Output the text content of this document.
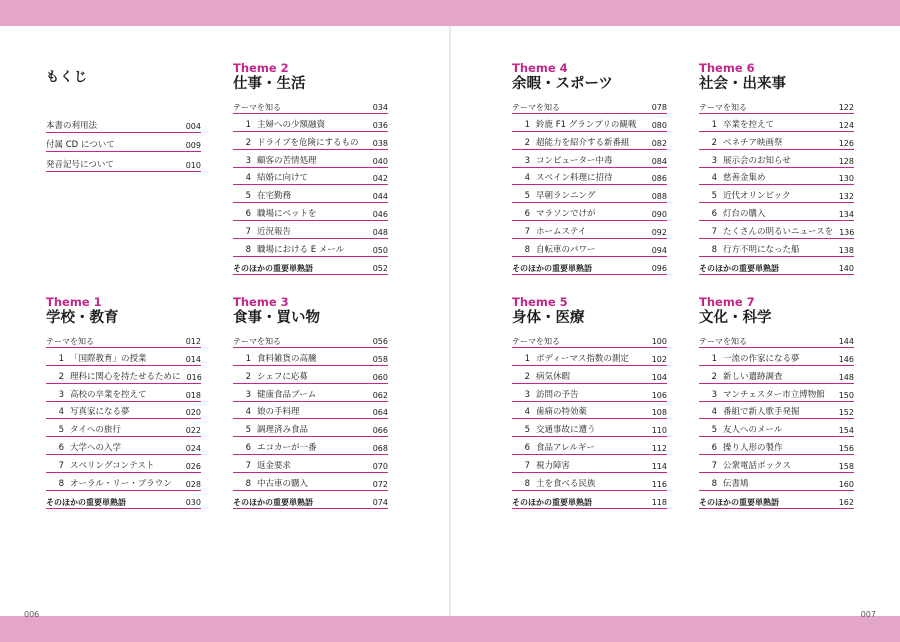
もくじ
本書の利用法	004
付属 CD について	009
発音記号について	010
Theme 1
学校・教育
テーマを知る	012
1 「国際教育」の授業	014
2 理科に関心を持たせるために 016
3 高校の卒業を控えて	018
4 写真家になる夢	020
5 タイへの旅行	022
6 大学への入学	024
7 スペリングコンテスト	026
8 オーラル・リー・ブラウン 028
そのほかの重要単熟語	030
Theme 2
仕事・生活
テーマを知る	034
1 主婦への少額融資	036
2 ドライブを危険にするもの 038
3 顧客の苦情処理	040
4 結婚に向けて	042
5 在宅勤務	044
6 職場にペットを	046
7 近況報告	048
8 職場における E メール	050
そのほかの重要単熟語	052
Theme 3
食事・買い物
テーマを知る	056
1 食料雑貨の高騰	058
2 シェフに応募	060
3 健康食品ブーム	062
4 娘の手料理	064
5 調理済み食品	066
6 エコカーが一番	068
7 返金要求	070
8 中古車の購入	072
そのほかの重要単熟語	074
Theme 4
余暇・スポーツ
テーマを知る	078
1 鈴鹿 F1 グランプリの観戦 080
2 超能力を紹介する新番組	082
3 コンピューター中毒	084
4 スペイン料理に招待	086
5 早朝ランニング	088
6 マラソンでけが	090
7 ホームステイ	092
8 自転車のパワー	094
そのほかの重要単熟語	096
Theme 5
身体・医療
テーマを知る	100
1 ボディーマス指数の測定	102
2 病気休暇	104
3 訪問の予告	106
4 歯痛の特効薬	108
5 交通事故に遭う	110
6 食品アレルギー	112
7 視力障害	114
8 土を食べる民族	116
そのほかの重要単熟語	118
Theme 6
社会・出来事
テーマを知る	122
1 卒業を控えて	124
2 ベネチア映画祭	126
3 展示会のお知らせ	128
4 慈善金集め	130
5 近代オリンピック	132
6 灯台の購入	134
7 たくさんの明るいニュースを 136
8 行方不明になった船	138
そのほかの重要単熟語	140
Theme 7
文化・科学
テーマを知る	144
1 一流の作家になる夢	146
2 新しい遺跡調査	148
3 マンチェスター市立博物館 150
4 番組で新人歌手発掘	152
5 友人へのメール	154
6 操り人形の製作	156
7 公衆電話ボックス	158
8 伝書鳩	160
そのほかの重要単熟語	162
006	007
